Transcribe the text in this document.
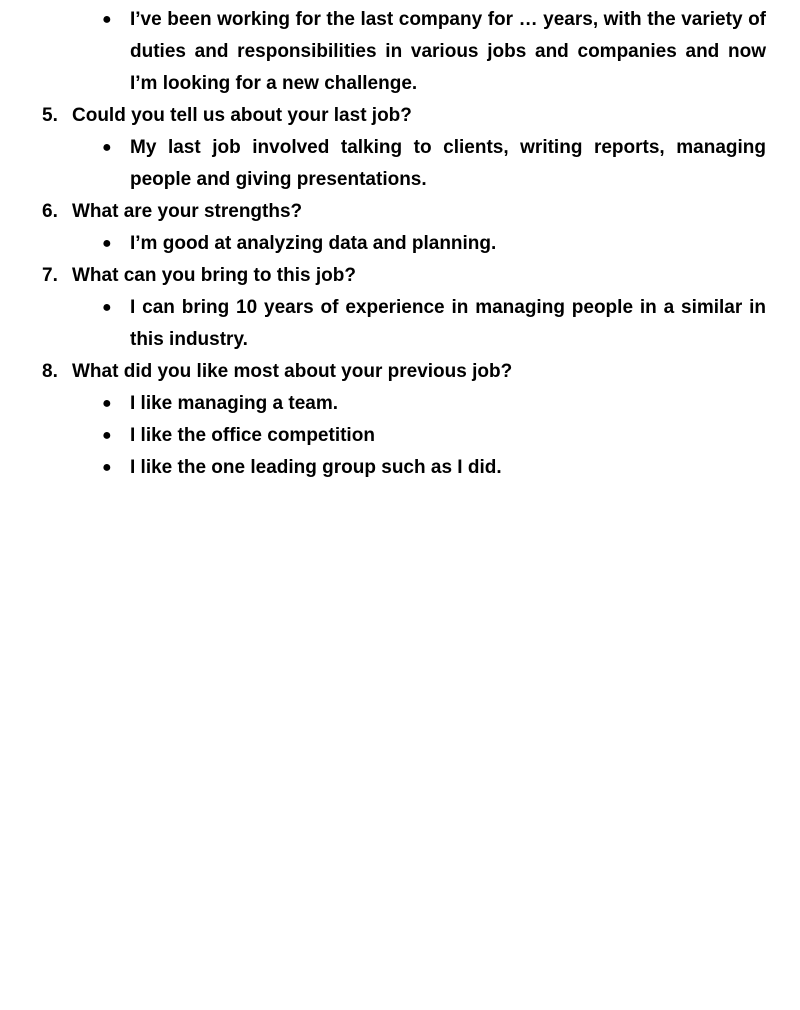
● I’ve been working for the last company for … years, with the variety of duties and responsibilities in various jobs and companies and now I’m looking for a new challenge.

5. Could you tell us about your last job?

● My last job involved talking to clients, writing reports, managing people and giving presentations.

6. What are your strengths?

● I’m good at analyzing data and planning.

7. What can you bring to this job?

● I can bring 10 years of experience in managing people in a similar in this industry.

8. What did you like most about your previous job?

● I like managing a team.
● I like the office competition
● I like the one leading group such as I did.
